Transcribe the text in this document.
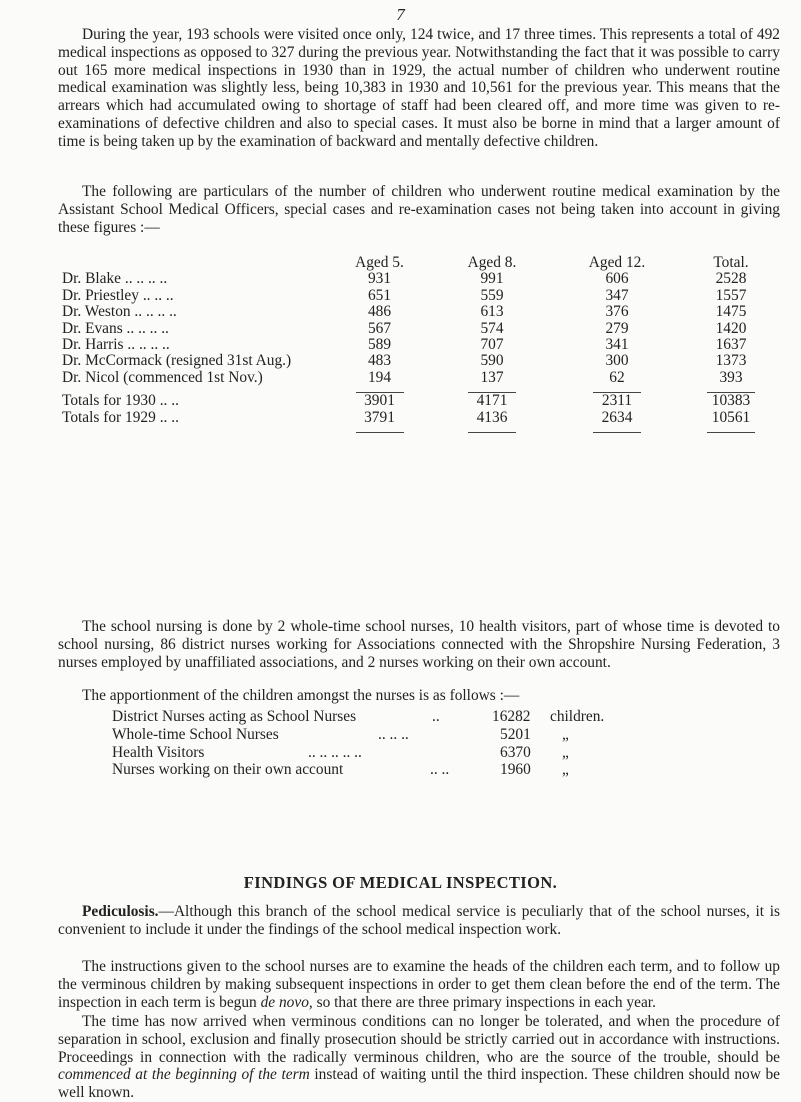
7

During the year, 193 schools were visited once only, 124 twice, and 17 three times. This represents a total of 492 medical inspections as opposed to 327 during the previous year. Notwithstanding the fact that it was possible to carry out 165 more medical inspections in 1930 than in 1929, the actual number of children who underwent routine medical examination was slightly less, being 10,383 in 1930 and 10,561 for the previous year. This means that the arrears which had accumulated owing to shortage of staff had been cleared off, and more time was given to re-examinations of defective children and also to special cases. It must also be borne in mind that a larger amount of time is being taken up by the examination of backward and mentally defective children.

The following are particulars of the number of children who underwent routine medical examination by the Assistant School Medical Officers, special cases and re-examination cases not being taken into account in giving these figures :—

	Aged 5.	Aged 8.	Aged 12.	Total.
Dr. Blake .. .. .. ..	931	991	606	2528
Dr. Priestley .. .. ..	651	559	347	1557
Dr. Weston .. .. .. ..	486	613	376	1475
Dr. Evans .. .. .. ..	567	574	279	1420
Dr. Harris .. .. .. ..	589	707	341	1637
Dr. McCormack (resigned 31st Aug.)	483	590	300	1373
Dr. Nicol (commenced 1st Nov.)	194	137	62	393

Totals for 1930 .. ..	3901	4171	2311	10383
Totals for 1929 .. ..	3791	4136	2634	10561

The school nursing is done by 2 whole-time school nurses, 10 health visitors, part of whose time is devoted to school nursing, 86 district nurses working for Associations connected with the Shropshire Nursing Federation, 3 nurses employed by unaffiliated associations, and 2 nurses working on their own account.

The apportionment of the children amongst the nurses is as follows :—

District Nurses acting as School Nurses	..	16282 children.
Whole-time School Nurses	.. .. ..	5201 „
Health Visitors	.. .. .. .. ..	6370 „
Nurses working on their own account	.. ..	1960 „
FINDINGS OF MEDICAL INSPECTION.

Pediculosis.—Although this branch of the school medical service is peculiarly that of the school nurses, it is convenient to include it under the findings of the school medical inspection work.

The instructions given to the school nurses are to examine the heads of the children each term, and to follow up the verminous children by making subsequent inspections in order to get them clean before the end of the term. The inspection in each term is begun de novo, so that there are three primary inspections in each year.

The time has now arrived when verminous conditions can no longer be tolerated, and when the procedure of separation in school, exclusion and finally prosecution should be strictly carried out in accordance with instructions. Proceedings in connection with the radically verminous children, who are the source of the trouble, should be commenced at the beginning of the term instead of waiting until the third inspection. These children should now be well known.
